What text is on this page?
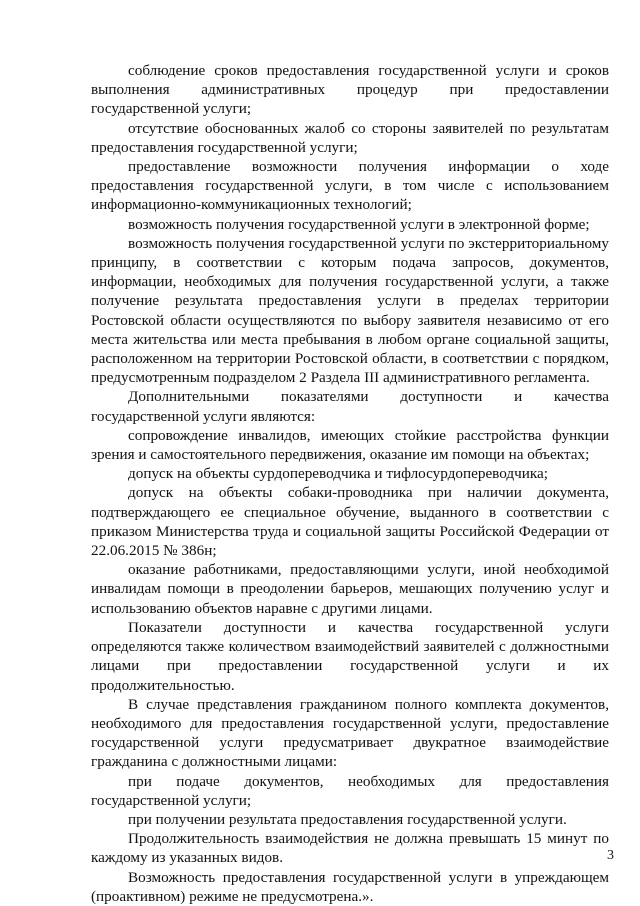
соблюдение сроков предоставления государственной услуги и сроков выполнения административных процедур при предоставлении государственной услуги;

отсутствие обоснованных жалоб со стороны заявителей по результатам предоставления государственной услуги;

предоставление возможности получения информации о ходе предоставления государственной услуги, в том числе с использованием информационно-коммуникационных технологий;

возможность получения государственной услуги в электронной форме;

возможность получения государственной услуги по экстерриториальному принципу, в соответствии с которым подача запросов, документов, информации, необходимых для получения государственной услуги, а также получение результата предоставления услуги в пределах территории Ростовской области осуществляются по выбору заявителя независимо от его места жительства или места пребывания в любом органе социальной защиты, расположенном на территории Ростовской области, в соответствии с порядком, предусмотренным подразделом 2 Раздела III административного регламента.

Дополнительными показателями доступности и качества государственной услуги являются:

сопровождение инвалидов, имеющих стойкие расстройства функции зрения и самостоятельного передвижения, оказание им помощи на объектах;

допуск на объекты сурдопереводчика и тифлосурдопереводчика;

допуск на объекты собаки-проводника при наличии документа, подтверждающего ее специальное обучение, выданного в соответствии с приказом Министерства труда и социальной защиты Российской Федерации от 22.06.2015 № 386н;

оказание работниками, предоставляющими услуги, иной необходимой инвалидам помощи в преодолении барьеров, мешающих получению услуг и использованию объектов наравне с другими лицами.

Показатели доступности и качества государственной услуги определяются также количеством взаимодействий заявителей с должностными лицами при предоставлении государственной услуги и их продолжительностью.

В случае представления гражданином полного комплекта документов, необходимого для предоставления государственной услуги, предоставление государственной услуги предусматривает двукратное взаимодействие гражданина с должностными лицами:

при подаче документов, необходимых для предоставления государственной услуги;

при получении результата предоставления государственной услуги.

Продолжительность взаимодействия не должна превышать 15 минут по каждому из указанных видов.

Возможность предоставления государственной услуги в упреждающем (проактивном) режиме не предусмотрена.».

3
